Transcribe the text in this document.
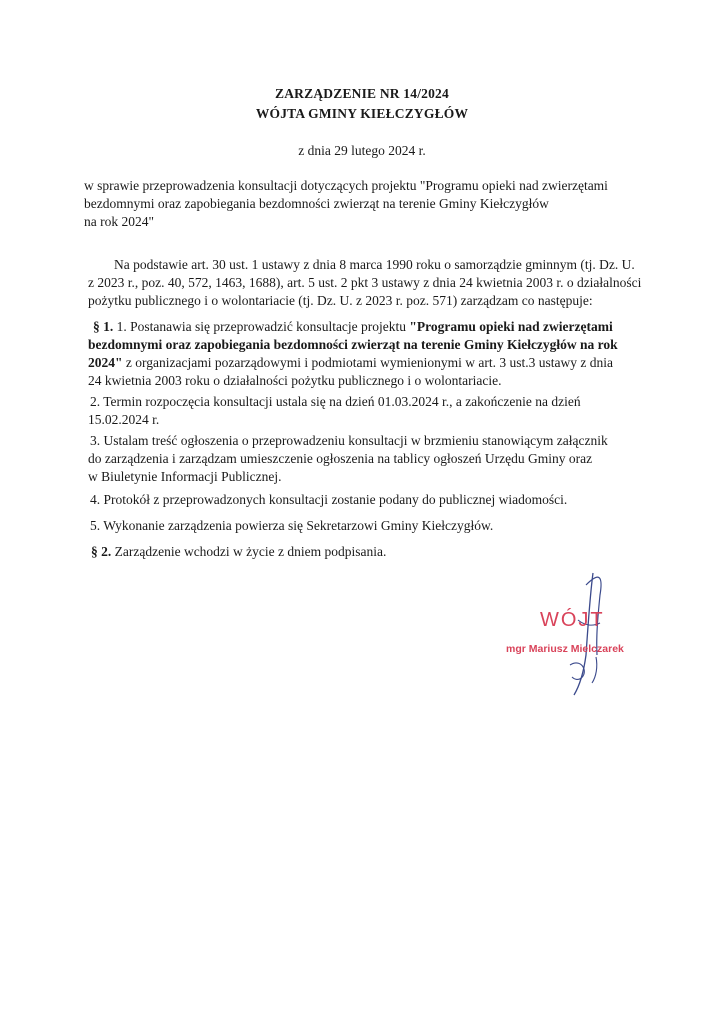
ZARZĄDZENIE NR 14/2024
WÓJTA GMINY KIEŁCZYGŁÓW
z dnia 29 lutego 2024 r.
w sprawie przeprowadzenia konsultacji dotyczących projektu "Programu opieki nad zwierzętami
bezdomnymi oraz zapobiegania bezdomności zwierząt na terenie Gminy Kiełczygłów
na rok 2024"
Na podstawie art. 30 ust. 1 ustawy z dnia 8 marca 1990 roku o samorządzie gminnym (tj. Dz. U.
z 2023 r., poz. 40, 572, 1463, 1688), art. 5 ust. 2 pkt 3 ustawy z dnia 24 kwietnia 2003 r. o działalności
pożytku publicznego i o wolontariacie (tj. Dz. U. z 2023 r. poz. 571) zarządzam co następuje:
§ 1. 1. Postanawia się przeprowadzić konsultacje projektu "Programu opieki nad zwierzętami
bezdomnymi oraz zapobiegania bezdomności zwierząt na terenie Gminy Kiełczygłów na rok
2024" z organizacjami pozarządowymi i podmiotami wymienionymi w art. 3 ust.3 ustawy z dnia
24 kwietnia 2003 roku o działalności pożytku publicznego i o wolontariacie.
2. Termin rozpoczęcia konsultacji ustala się na dzień 01.03.2024 r., a zakończenie na dzień
15.02.2024 r.
3. Ustalam treść ogłoszenia o przeprowadzeniu konsultacji w brzmieniu stanowiącym załącznik
do zarządzenia i zarządzam umieszczenie ogłoszenia na tablicy ogłoszeń Urzędu Gminy oraz
w Biuletynie Informacji Publicznej.
4. Protokół z przeprowadzonych konsultacji zostanie podany do publicznej wiadomości.
5. Wykonanie zarządzenia powierza się Sekretarzowi Gminy Kiełczygłów.
§ 2. Zarządzenie wchodzi w życie z dniem podpisania.
WÓJT
mgr Mariusz Mielczarek
